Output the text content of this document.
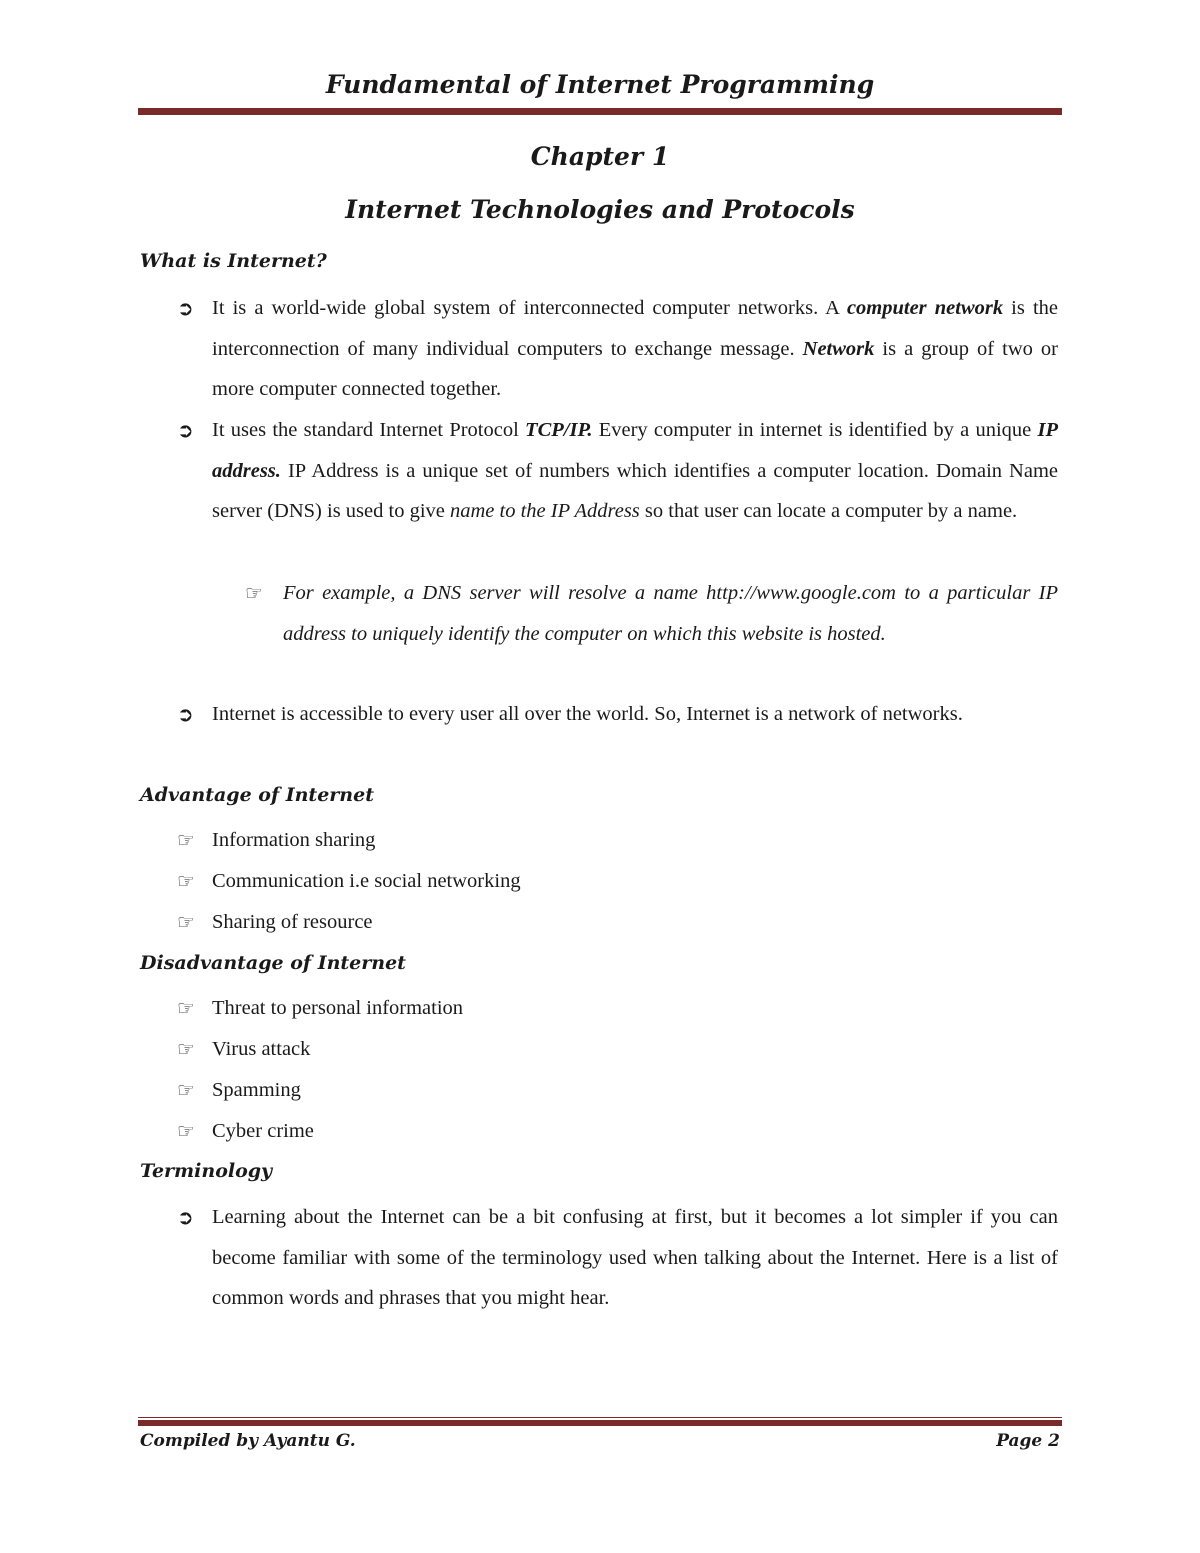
Fundamental of Internet Programming
Chapter 1
Internet Technologies and Protocols
What is Internet?
➲ It is a world-wide global system of interconnected computer networks. A computer network is the interconnection of many individual computers to exchange message. Network is a group of two or more computer connected together.
➲ It uses the standard Internet Protocol TCP/IP. Every computer in internet is identified by a unique IP address. IP Address is a unique set of numbers which identifies a computer location. Domain Name server (DNS) is used to give name to the IP Address so that user can locate a computer by a name.
☞ For example, a DNS server will resolve a name http://www.google.com to a particular IP address to uniquely identify the computer on which this website is hosted.
➲ Internet is accessible to every user all over the world. So, Internet is a network of networks.
Advantage of Internet
☞ Information sharing
☞ Communication i.e social networking
☞ Sharing of resource
Disadvantage of Internet
☞ Threat to personal information
☞ Virus attack
☞ Spamming
☞ Cyber crime
Terminology
➲ Learning about the Internet can be a bit confusing at first, but it becomes a lot simpler if you can become familiar with some of the terminology used when talking about the Internet. Here is a list of common words and phrases that you might hear.
Compiled by Ayantu G.	Page 2
